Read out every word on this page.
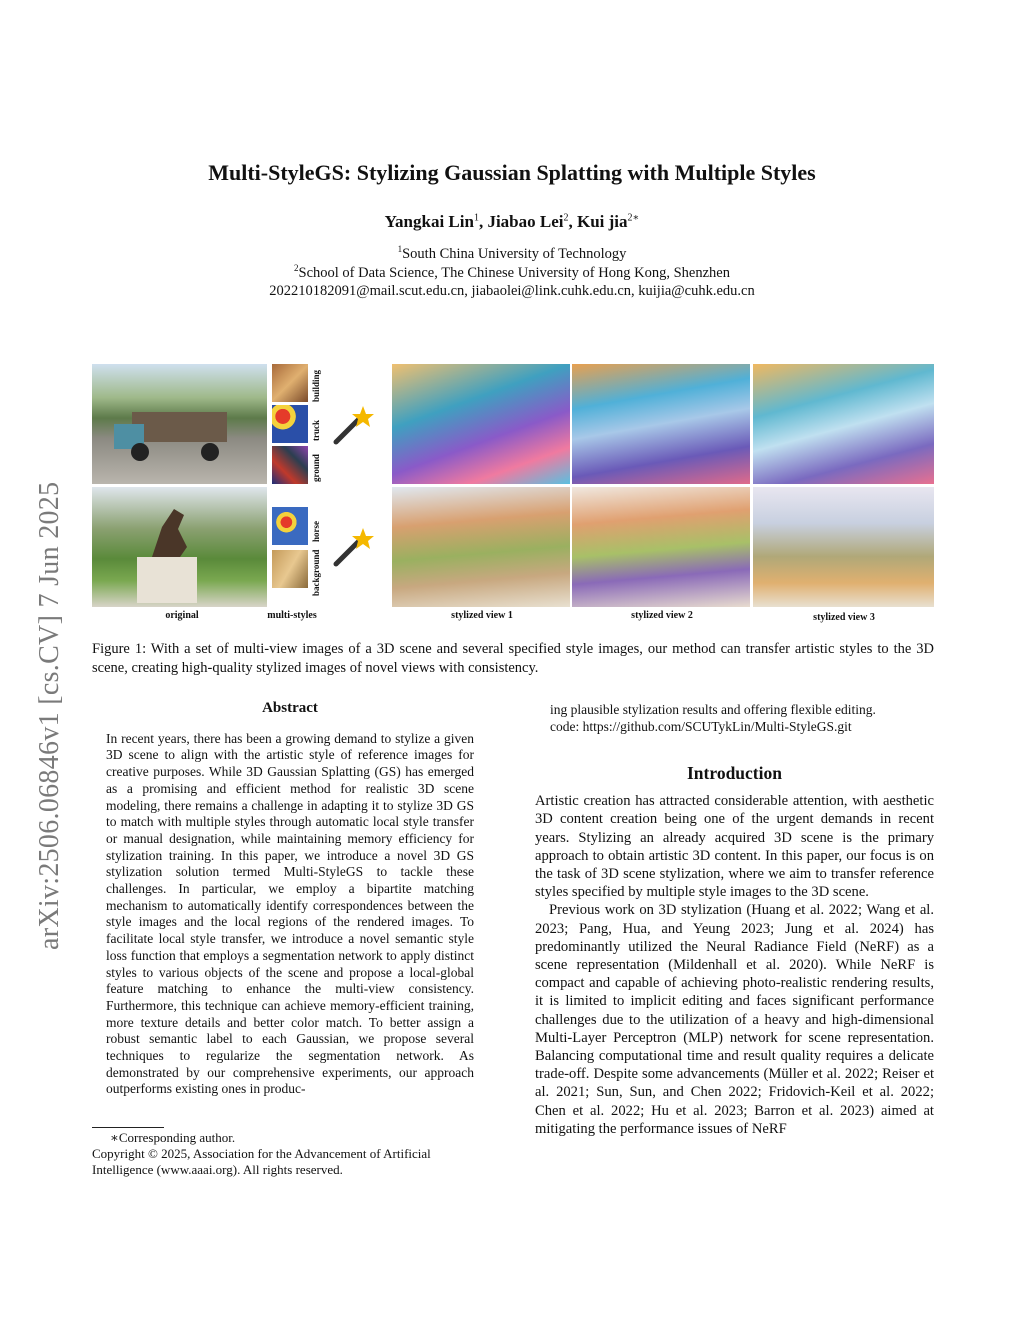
arXiv:2506.06846v1 [cs.CV] 7 Jun 2025
Multi-StyleGS: Stylizing Gaussian Splatting with Multiple Styles
Yangkai Lin$^1$, Jiabao Lei$^2$, Kui jia$^{2∗}$
$^1$South China University of Technology
$^2$School of Data Science, The Chinese University of Hong Kong, Shenzhen
202210182091@mail.scut.edu.cn, jiabaolei@link.cuhk.edu.cn, kuijia@cuhk.edu.cn
building
truck
ground
horse
background
original	multi-styles	stylized view 1	stylized view 2	stylized view 3
Figure 1: With a set of multi-view images of a 3D scene and several specified style images, our method can transfer artistic styles to the 3D scene, creating high-quality stylized images of novel views with consistency.
Abstract
In recent years, there has been a growing demand to stylize a given 3D scene to align with the artistic style of reference images for creative purposes. While 3D Gaussian Splatting (GS) has emerged as a promising and efficient method for realistic 3D scene modeling, there remains a challenge in adapting it to stylize 3D GS to match with multiple styles through automatic local style transfer or manual designation, while maintaining memory efficiency for stylization training. In this paper, we introduce a novel 3D GS stylization solution termed Multi-StyleGS to tackle these challenges. In particular, we employ a bipartite matching mechanism to automatically identify correspondences between the style images and the local regions of the rendered images. To facilitate local style transfer, we introduce a novel semantic style loss function that employs a segmentation network to apply distinct styles to various objects of the scene and propose a local-global feature matching to enhance the multi-view consistency. Furthermore, this technique can achieve memory-efficient training, more texture details and better color match. To better assign a robust semantic label to each Gaussian, we propose several techniques to regularize the segmentation network. As demonstrated by our comprehensive experiments, our approach outperforms existing ones in produc-
∗Corresponding author.
Copyright © 2025, Association for the Advancement of Artificial Intelligence (www.aaai.org). All rights reserved.
ing plausible stylization results and offering flexible editing.
code: https://github.com/SCUTykLin/Multi-StyleGS.git
Introduction
Artistic creation has attracted considerable attention, with aesthetic 3D content creation being one of the urgent demands in recent years. Stylizing an already acquired 3D scene is the primary approach to obtain artistic 3D content. In this paper, our focus is on the task of 3D scene stylization, where we aim to transfer reference styles specified by multiple style images to the 3D scene.
Previous work on 3D stylization (Huang et al. 2022; Wang et al. 2023; Pang, Hua, and Yeung 2023; Jung et al. 2024) has predominantly utilized the Neural Radiance Field (NeRF) as a scene representation (Mildenhall et al. 2020). While NeRF is compact and capable of achieving photo-realistic rendering results, it is limited to implicit editing and faces significant performance challenges due to the utilization of a heavy and high-dimensional Multi-Layer Perceptron (MLP) network for scene representation. Balancing computational time and result quality requires a delicate trade-off. Despite some advancements (Müller et al. 2022; Reiser et al. 2021; Sun, Sun, and Chen 2022; Fridovich-Keil et al. 2022; Chen et al. 2022; Hu et al. 2023; Barron et al. 2023) aimed at mitigating the performance issues of NeRF
